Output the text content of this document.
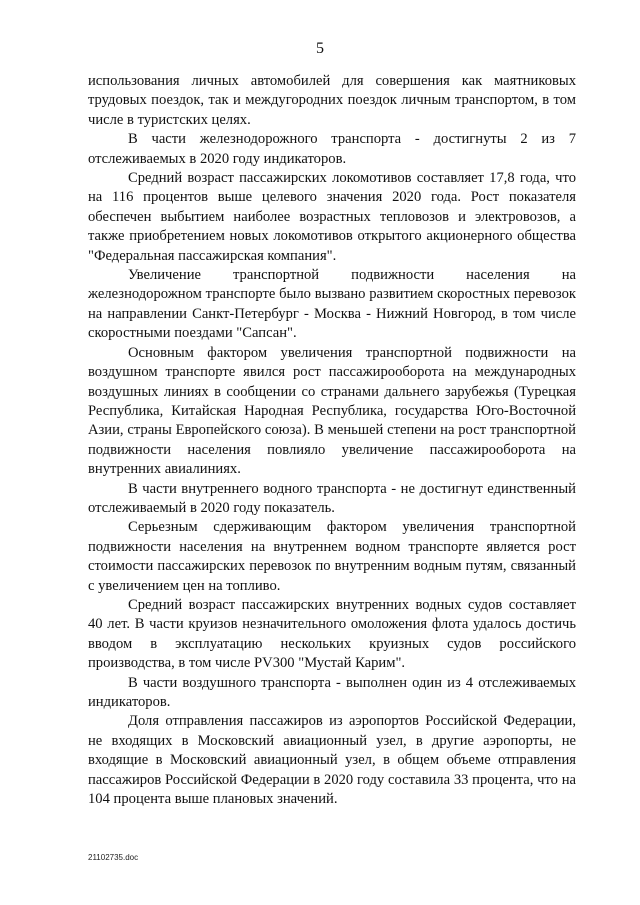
5

использования личных автомобилей для совершения как маятниковых трудовых поездок, так и междугородних поездок личным транспортом, в том числе в туристских целях.

В части железнодорожного транспорта - достигнуты 2 из 7 отслеживаемых в 2020 году индикаторов.

Средний возраст пассажирских локомотивов составляет 17,8 года, что на 116 процентов выше целевого значения 2020 года. Рост показателя обеспечен выбытием наиболее возрастных тепловозов и электровозов, а также приобретением новых локомотивов открытого акционерного общества "Федеральная пассажирская компания".

Увеличение транспортной подвижности населения на железнодорожном транспорте было вызвано развитием скоростных перевозок на направлении Санкт-Петербург - Москва - Нижний Новгород, в том числе скоростными поездами "Сапсан".

Основным фактором увеличения транспортной подвижности на воздушном транспорте явился рост пассажирооборота на международных воздушных линиях в сообщении со странами дальнего зарубежья (Турецкая Республика, Китайская Народная Республика, государства Юго-Восточной Азии, страны Европейского союза). В меньшей степени на рост транспортной подвижности населения повлияло увеличение пассажирооборота на внутренних авиалиниях.

В части внутреннего водного транспорта - не достигнут единственный отслеживаемый в 2020 году показатель.

Серьезным сдерживающим фактором увеличения транспортной подвижности населения на внутреннем водном транспорте является рост стоимости пассажирских перевозок по внутренним водным путям, связанный с увеличением цен на топливо.

Средний возраст пассажирских внутренних водных судов составляет 40 лет. В части круизов незначительного омоложения флота удалось достичь вводом в эксплуатацию нескольких круизных судов российского производства, в том числе PV300 "Мустай Карим".

В части воздушного транспорта - выполнен один из 4 отслеживаемых индикаторов.

Доля отправления пассажиров из аэропортов Российской Федерации, не входящих в Московский авиационный узел, в другие аэропорты, не входящие в Московский авиационный узел, в общем объеме отправления пассажиров Российской Федерации в 2020 году составила 33 процента, что на 104 процента выше плановых значений.

21102735.doc
